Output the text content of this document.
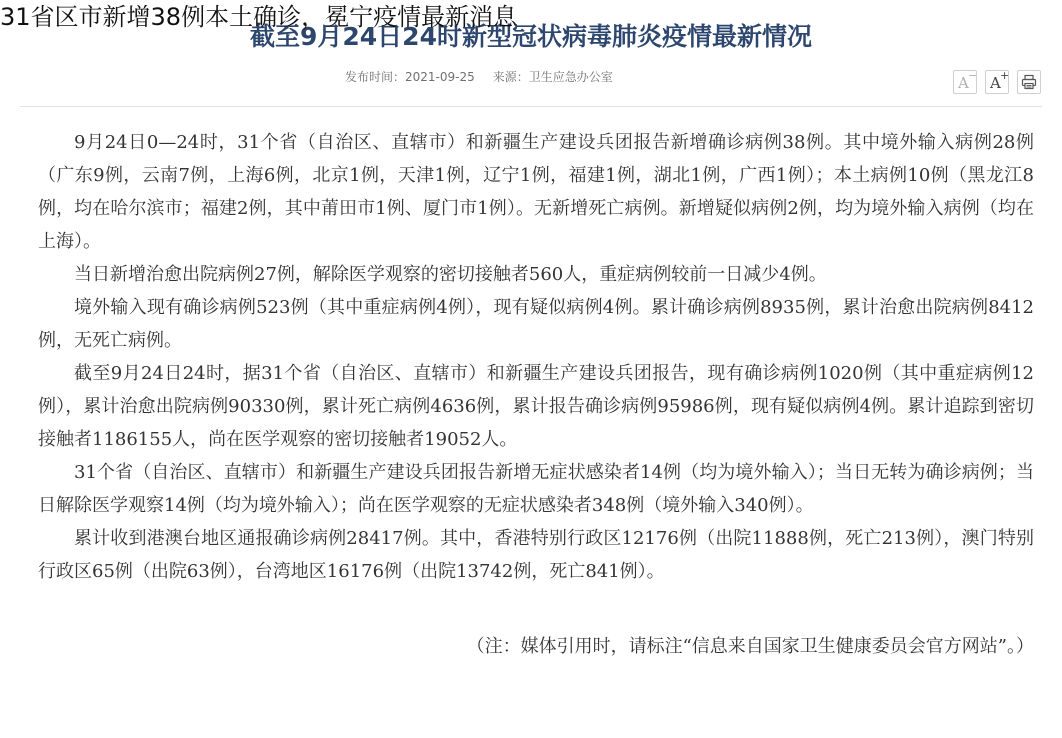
31省区市新增38例本土确诊，冕宁疫情最新消息
截至9月24日24时新型冠状病毒肺炎疫情最新情况
发布时间：2021-09-25 来源：卫生应急办公室	A − A +

9月24日0—24时，31个省（自治区、直辖市）和新疆生产建设兵团报告新增确诊病例38例。其中境外输入病例28例（广东9例，云南7例，上海6例，北京1例，天津1例，辽宁1例，福建1例，湖北1例，广西1例）；本土病例10例（黑龙江8例，均在哈尔滨市；福建2例，其中莆田市1例、厦门市1例）。无新增死亡病例。新增疑似病例2例，均为境外输入病例（均在上海）。

当日新增治愈出院病例27例，解除医学观察的密切接触者560人，重症病例较前一日减少4例。

境外输入现有确诊病例523例（其中重症病例4例），现有疑似病例4例。累计确诊病例8935例，累计治愈出院病例8412例，无死亡病例。

截至9月24日24时，据31个省（自治区、直辖市）和新疆生产建设兵团报告，现有确诊病例1020例（其中重症病例12例），累计治愈出院病例90330例，累计死亡病例4636例，累计报告确诊病例95986例，现有疑似病例4例。累计追踪到密切接触者1186155人，尚在医学观察的密切接触者19052人。

31个省（自治区、直辖市）和新疆生产建设兵团报告新增无症状感染者14例（均为境外输入）；当日无转为确诊病例；当日解除医学观察14例（均为境外输入）；尚在医学观察的无症状感染者348例（境外输入340例）。

累计收到港澳台地区通报确诊病例28417例。其中，香港特别行政区12176例（出院11888例，死亡213例），澳门特别行政区65例（出院63例），台湾地区16176例（出院13742例，死亡841例）。

（注：媒体引用时，请标注“信息来自国家卫生健康委员会官方网站”。）
